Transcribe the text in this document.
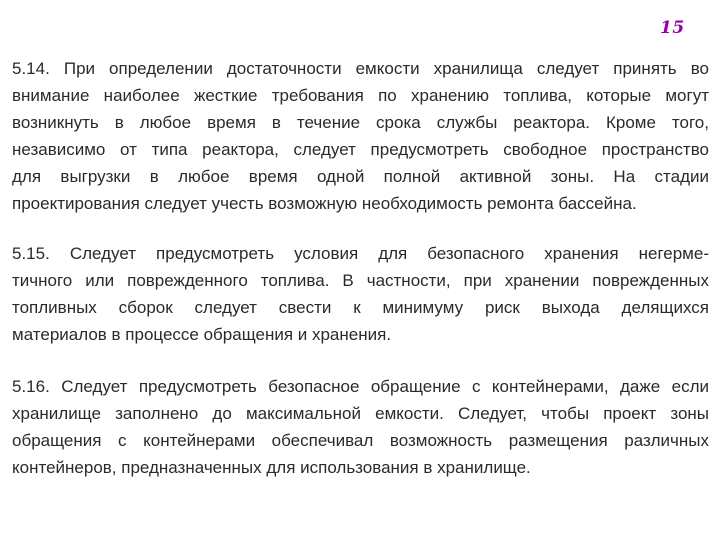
15
5.14. При определении достаточности емкости хранилища следует принять во
внимание наиболее жесткие требования по хранению топлива, которые могут
возникнуть в любое время в течение срока службы реактора. Кроме того,
независимо от типа реактора, следует предусмотреть свободное пространство
для выгрузки в любое время одной полной активной зоны. На стадии
проектирования следует учесть возможную необходимость ремонта бассейна.
5.15. Следует предусмотреть условия для безопасного хранения негерме-
тичного или поврежденного топлива. В частности, при хранении поврежденных
топливных сборок следует свести к минимуму риск выхода делящихся
материалов в процессе обращения и хранения.
5.16. Следует предусмотреть безопасное обращение с контейнерами, даже если
хранилище заполнено до максимальной емкости. Следует, чтобы проект зоны
обращения с контейнерами обеспечивал возможность размещения различных
контейнеров, предназначенных для использования в хранилище.
